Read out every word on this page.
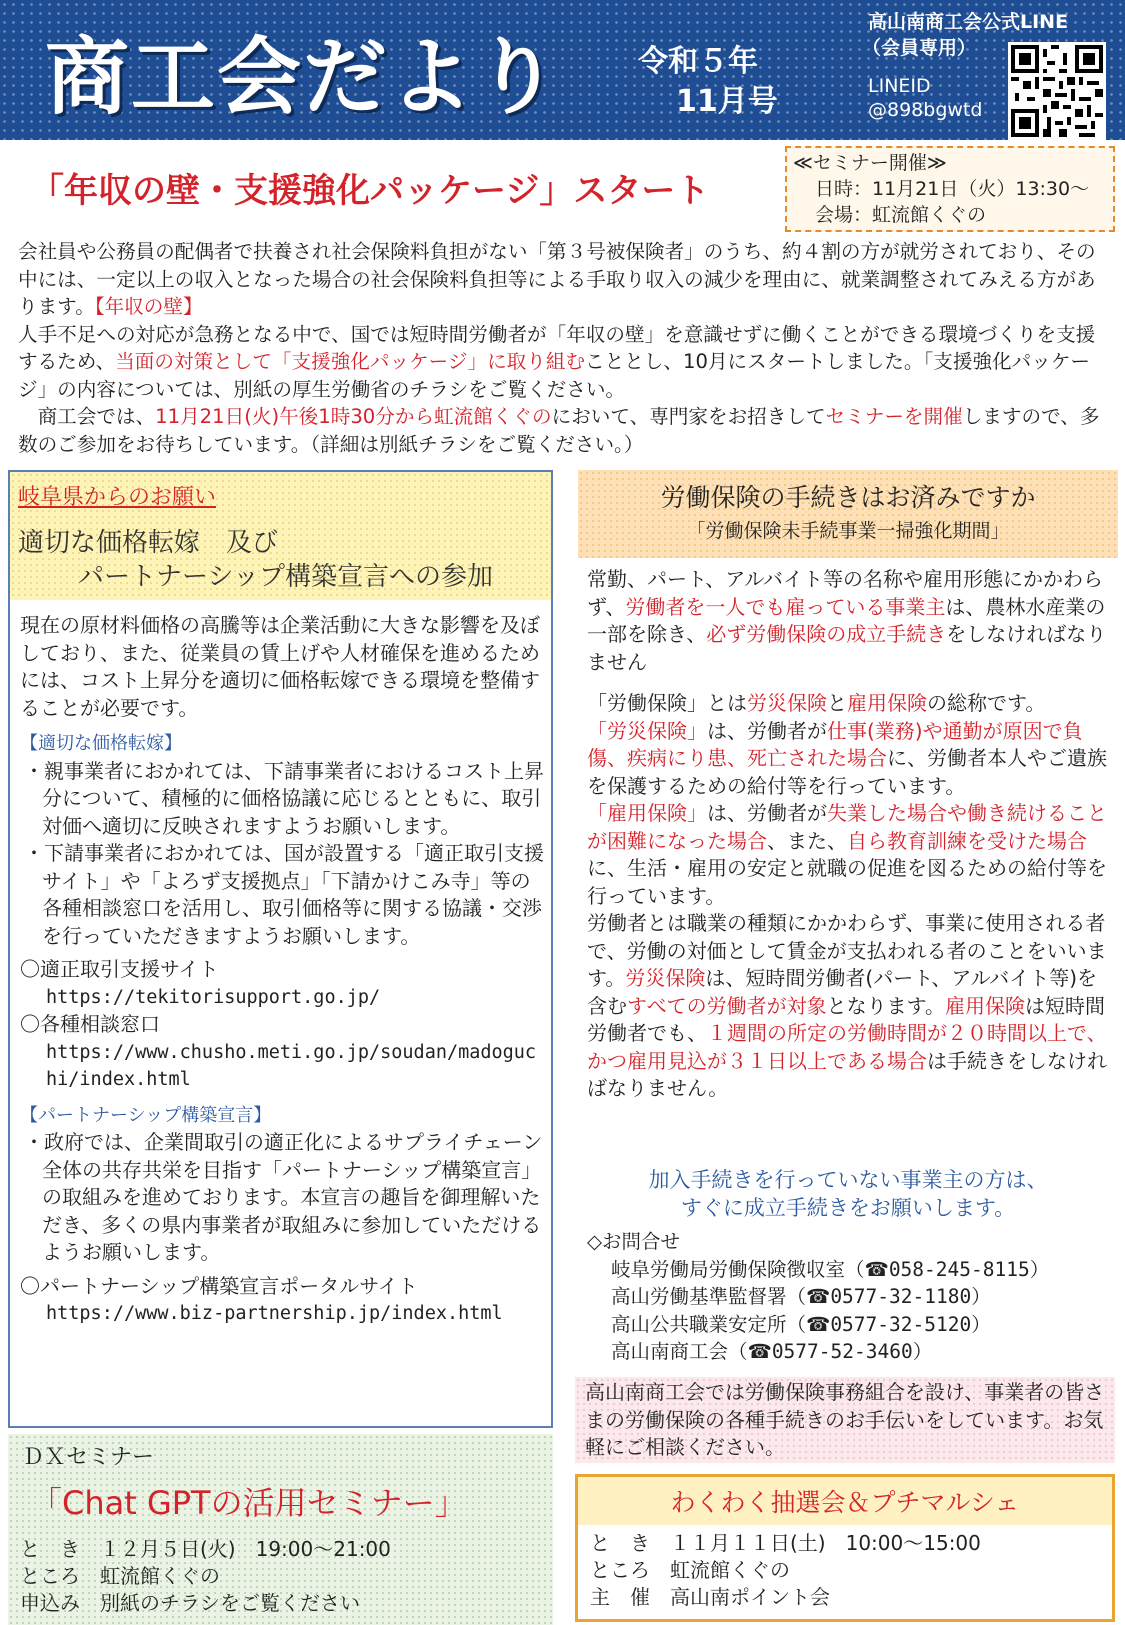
商工会だより	令和５年
11月号
高山南商工会公式LINE
（会員専用）
LINEID
@898bgwtd
「年収の壁・支援強化パッケージ」スタート
≪セミナー開催≫
日時：11月21日（火）13:30～
会場：虹流館くぐの

会社員や公務員の配偶者で扶養され社会保険料負担がない「第３号被保険者」のうち、約４割の方が就労されており、その中には、一定以上の収入となった場合の社会保険料負担等による手取り収入の減少を理由に、就業調整されてみえる方があります。【年収の壁】

人手不足への対応が急務となる中で、国では短時間労働者が「年収の壁」を意識せずに働くことができる環境づくりを支援するため、当面の対策として「支援強化パッケージ」に取り組むこととし、10月にスタートしました。「支援強化パッケージ」の内容については、別紙の厚生労働省のチラシをご覧ください。

　商工会では、11月21日(火)午後1時30分から虹流館くぐのにおいて、専門家をお招きしてセミナーを開催しますので、多数のご参加をお待ちしています。（詳細は別紙チラシをご覧ください。）

岐阜県からのお願い
適切な価格転嫁　及び
パートナーシップ構築宣言への参加

現在の原材料価格の高騰等は企業活動に大きな影響を及ぼしており、また、従業員の賃上げや人材確保を進めるためには、コスト上昇分を適切に価格転嫁できる環境を整備することが必要です。

【適切な価格転嫁】

・親事業者におかれては、下請事業者におけるコスト上昇分について、積極的に価格協議に応じるとともに、取引対価へ適切に反映されますようお願いします。

・下請事業者におかれては、国が設置する「適正取引支援サイト」や「よろず支援拠点」「下請かけこみ寺」等の各種相談窓口を活用し、取引価格等に関する協議・交渉を行っていただきますようお願いします。

〇適正取引支援サイト

https://tekitorisupport.go.jp/

〇各種相談窓口

https://www.chusho.meti.go.jp/soudan/madoguchi/index.html

【パートナーシップ構築宣言】

・政府では、企業間取引の適正化によるサプライチェーン全体の共存共栄を目指す「パートナーシップ構築宣言」の取組みを進めております。本宣言の趣旨を御理解いただき、多くの県内事業者が取組みに参加していただけるようお願いします。

〇パートナーシップ構築宣言ポータルサイト

https://www.biz-partnership.jp/index.html

ＤＸセミナー
「Chat GPTの活用セミナー」
と　き　１２月５日(火)　19:00～21:00
ところ　虹流館くぐの
申込み　別紙のチラシをご覧ください
労働保険の手続きはお済みですか
「労働保険未手続事業一掃強化期間」

常勤、パート、アルバイト等の名称や雇用形態にかかわらず、労働者を一人でも雇っている事業主は、農林水産業の一部を除き、必ず労働保険の成立手続きをしなければなりません

「労働保険」とは労災保険と雇用保険の総称です。

「労災保険」は、労働者が仕事(業務)や通勤が原因で負傷、疾病にり患、死亡された場合に、労働者本人やご遺族を保護するための給付等を行っています。

「雇用保険」は、労働者が失業した場合や働き続けることが困難になった場合、また、自ら教育訓練を受けた場合に、生活・雇用の安定と就職の促進を図るための給付等を行っています。

労働者とは職業の種類にかかわらず、事業に使用される者で、労働の対価として賃金が支払われる者のことをいいます。労災保険は、短時間労働者(パート、アルバイト等)を含むすべての労働者が対象となります。雇用保険は短時間労働者でも、１週間の所定の労働時間が２０時間以上で、かつ雇用見込が３１日以上である場合は手続きをしなければなりません。

加入手続きを行っていない事業主の方は、
すぐに成立手続きをお願いします。

◇お問合せ

岐阜労働局労働保険徴収室（☎058-245-8115）

高山労働基準監督署（☎0577-32-1180）

高山公共職業安定所（☎0577-32-5120）

高山南商工会（☎0577-52-3460）

高山南商工会では労働保険事務組合を設け、事業者の皆さまの労働保険の各種手続きのお手伝いをしています。お気軽にご相談ください。
わくわく抽選会＆プチマルシェ
と　き　１１月１１日(土)　10:00～15:00
ところ　虹流館くぐの
主　催　高山南ポイント会
